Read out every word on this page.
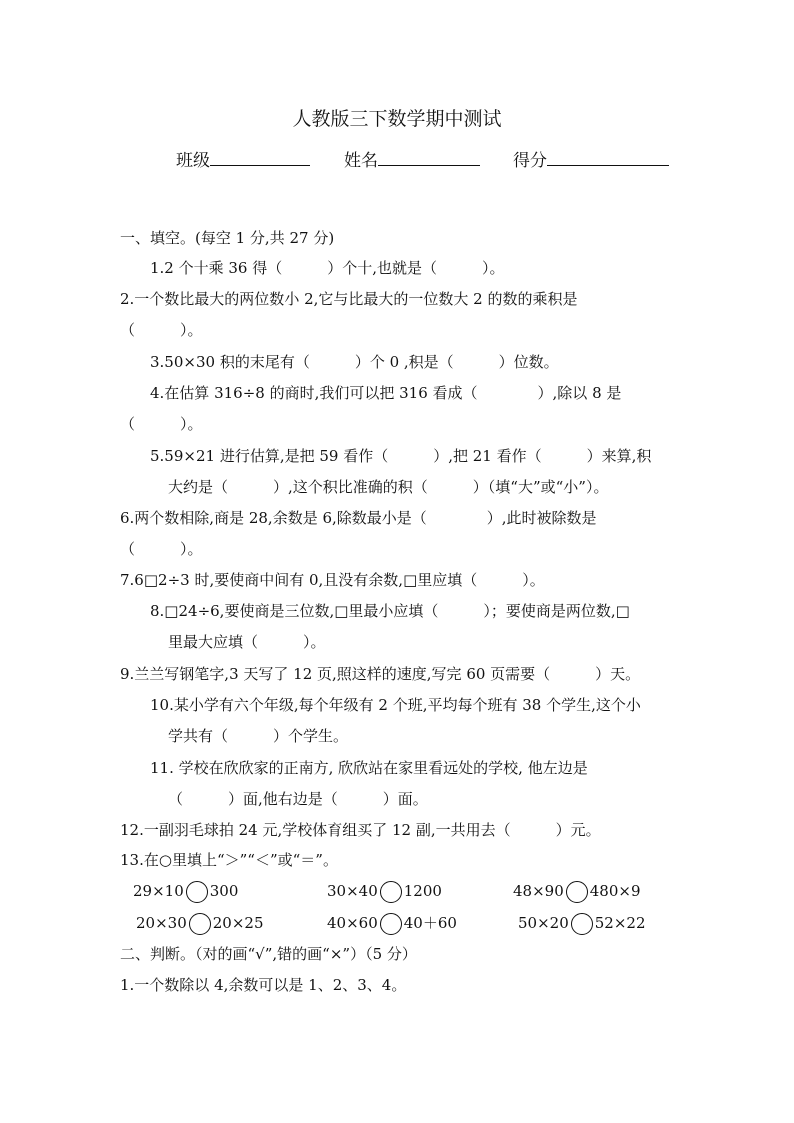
人教版三下数学期中测试
班级	姓名	得分
一、填空。(每空 1 分,共 27 分)
1.2 个十乘 36 得（　　　）个十,也就是（　　　）。
2.一个数比最大的两位数小 2,它与比最大的一位数大 2 的数的乘积是
（　　　）。
3.50×30 积的末尾有（　　　）个 0 ,积是（　　　）位数。
4.在估算 316÷8 的商时,我们可以把 316 看成（　　　　）,除以 8 是
（　　　）。
5.59×21 进行估算,是把 59 看作（　　　）,把 21 看作（　　　）来算,积
大约是（　　　）,这个积比准确的积（　　　）（填“大”或“小”）。
6.两个数相除,商是 28,余数是 6,除数最小是（　　　　）,此时被除数是
（　　　）。
7.6□2÷3 时,要使商中间有 0,且没有余数,□里应填（　　　）。
8.□24÷6,要使商是三位数,□里最小应填（　　　）；要使商是两位数,□
里最大应填（　　　）。
9.兰兰写钢笔字,3 天写了 12 页,照这样的速度,写完 60 页需要（　　　）天。
10.某小学有六个年级,每个年级有 2 个班,平均每个班有 38 个学生,这个小
学共有（　　　）个学生。
11. 学校在欣欣家的正南方, 欣欣站在家里看远处的学校, 他左边是
（　　　）面,他右边是（　　　）面。
12.一副羽毛球拍 24 元,学校体育组买了 12 副,一共用去（　　　）元。
13.在○里填上“＞”“＜”或“＝”。
29×10 300	30×40 1200	48×90 480×9
20×30 20×25	40×60 40＋60	50×20 52×22
二、判断。（对的画“√”,错的画“×”）（5 分）
1.一个数除以 4,余数可以是 1、2、3、4。
